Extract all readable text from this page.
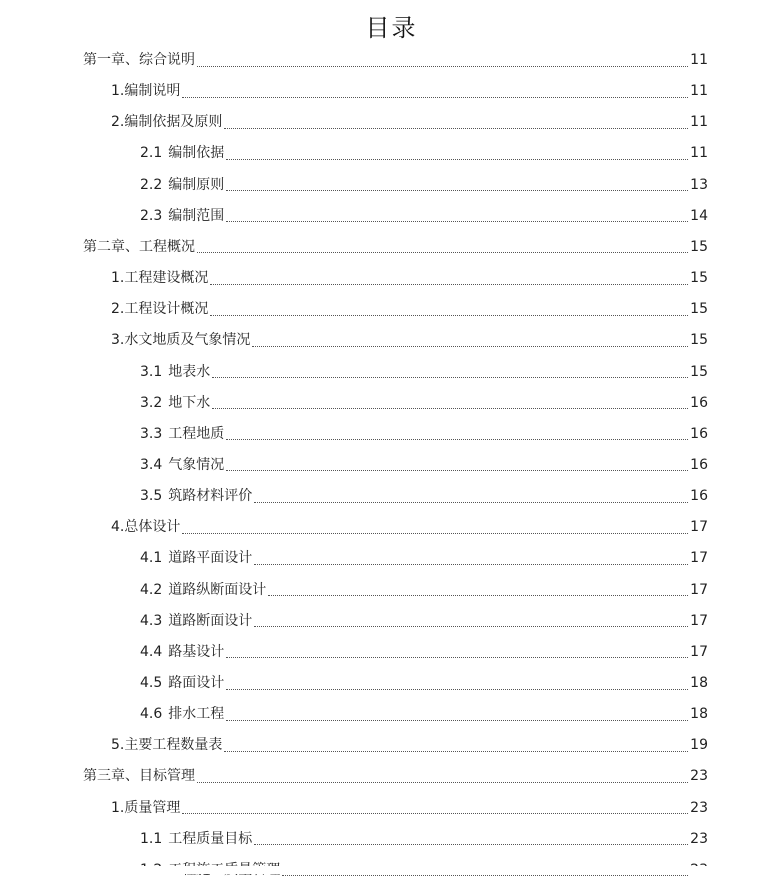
目录
第一章、综合说明	11
1.编制说明	11
2.编制依据及原则	11
2.1 编制依据	11
2.2 编制原则	13
2.3 编制范围	14
第二章、工程概况	15
1.工程建设概况	15
2.工程设计概况	15
3.水文地质及气象情况	15
3.1 地表水	15
3.2 地下水	16
3.3 工程地质	16
3.4 气象情况	16
3.5 筑路材料评价	16
4.总体设计	17
4.1 道路平面设计	17
4.2 道路纵断面设计	17
4.3 道路断面设计	17
4.4 路基设计	17
4.5 路面设计	18
4.6 排水工程	18
5.主要工程数量表	19
第三章、目标管理	23
1.质量管理	23
1.1 工程质量目标	23
